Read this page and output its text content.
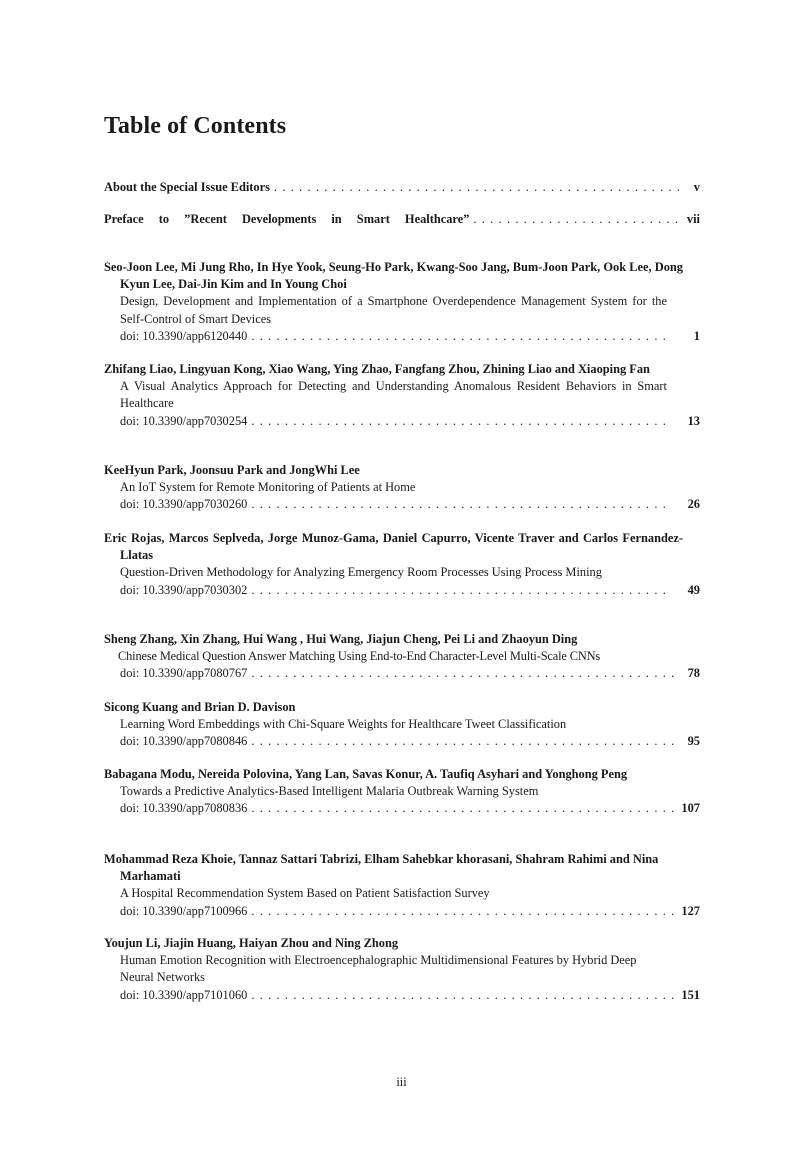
Table of Contents
About the Special Issue Editors . . .	v
Preface to ”Recent Developments in Smart Healthcare” . . .	vii
Seo-Joon Lee, Mi Jung Rho, In Hye Yook, Seung-Ho Park, Kwang-Soo Jang, Bum-Joon Park, Ook Lee, Dong Kyun Lee, Dai-Jin Kim and In Young Choi
Design, Development and Implementation of a Smartphone Overdependence Management System for the Self-Control of Smart Devices
doi: 10.3390/app6120440 . . .	1
Zhifang Liao, Lingyuan Kong, Xiao Wang, Ying Zhao, Fangfang Zhou, Zhining Liao and Xiaoping Fan
A Visual Analytics Approach for Detecting and Understanding Anomalous Resident Behaviors in Smart Healthcare
doi: 10.3390/app7030254 . . .	13
KeeHyun Park, Joonsuu Park and JongWhi Lee
An IoT System for Remote Monitoring of Patients at Home
doi: 10.3390/app7030260 . . .	26
Eric Rojas, Marcos Seplveda, Jorge Munoz-Gama, Daniel Capurro, Vicente Traver and Carlos Fernandez-Llatas
Question-Driven Methodology for Analyzing Emergency Room Processes Using Process Mining
doi: 10.3390/app7030302 . . .	49
Sheng Zhang, Xin Zhang, Hui Wang , Hui Wang, Jiajun Cheng, Pei Li and Zhaoyun Ding
Chinese Medical Question Answer Matching Using End-to-End Character-Level Multi-Scale CNNs
doi: 10.3390/app7080767 . . .	78
Sicong Kuang and Brian D. Davison
Learning Word Embeddings with Chi-Square Weights for Healthcare Tweet Classification
doi: 10.3390/app7080846 . . .	95
Babagana Modu, Nereida Polovina, Yang Lan, Savas Konur, A. Taufiq Asyhari and Yonghong Peng
Towards a Predictive Analytics-Based Intelligent Malaria Outbreak Warning System
doi: 10.3390/app7080836 . . .	107
Mohammad Reza Khoie, Tannaz Sattari Tabrizi, Elham Sahebkar khorasani, Shahram Rahimi and Nina Marhamati
A Hospital Recommendation System Based on Patient Satisfaction Survey
doi: 10.3390/app7100966 . . .	127
Youjun Li, Jiajin Huang, Haiyan Zhou and Ning Zhong
Human Emotion Recognition with Electroencephalographic Multidimensional Features by Hybrid Deep Neural Networks
doi: 10.3390/app7101060 . . .	151
iii
